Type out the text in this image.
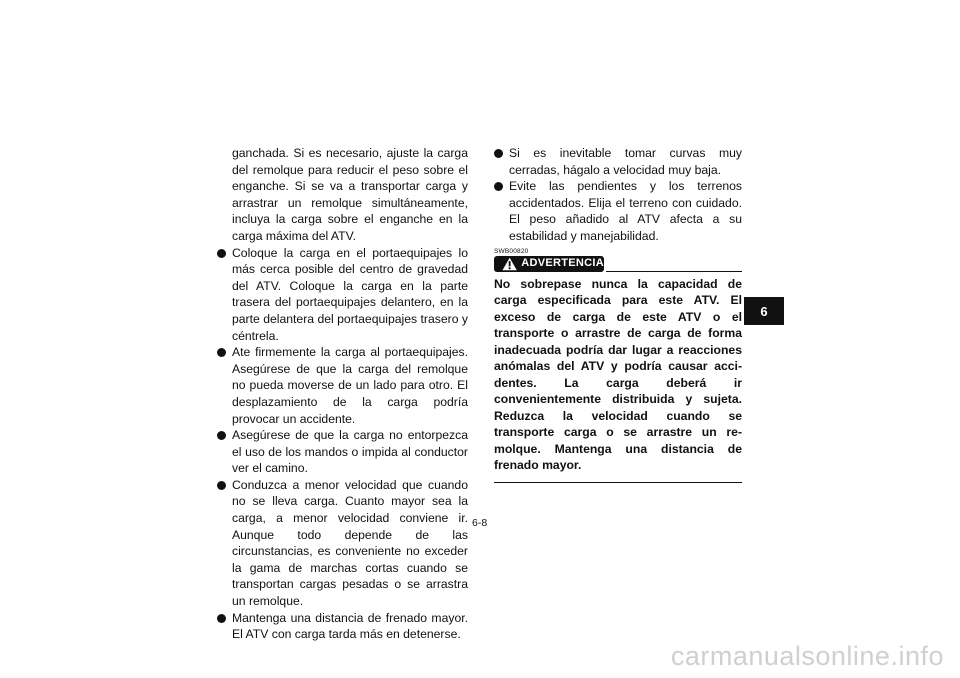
ganchada. Si es necesario, ajuste la carga del remolque para reducir el peso sobre el enganche. Si se va a transportar carga y arrastrar un remolque simultáneamente, incluya la carga sobre el enganche en la carga máxima del ATV.

Coloque la carga en el portaequipajes lo más cerca posible del centro de gravedad del ATV. Coloque la carga en la parte trasera del portaequipajes delantero, en la parte delantera del portaequipajes trasero y céntrela.
Ate firmemente la carga al portaequipajes. Asegúrese de que la carga del remolque no pueda moverse de un lado para otro. El desplazamiento de la carga podría provocar un accidente.
Asegúrese de que la carga no entorpezca el uso de los mandos o impida al conductor ver el camino.
Conduzca a menor velocidad que cuando no se lleva carga. Cuanto mayor sea la carga, a menor velocidad conviene ir. Aunque todo depende de las circunstancias, es conveniente no exceder la gama de marchas cortas cuando se transportan cargas pesadas o se arrastra un remolque.
Mantenga una distancia de frenado mayor. El ATV con carga tarda más en detenerse.
Si es inevitable tomar curvas muy cerradas, hágalo a velocidad muy baja.
Evite las pendientes y los terrenos accidentados. Elija el terreno con cuidado. El peso añadido al ATV afecta a su estabilidad y manejabilidad.
SWB00820
ADVERTENCIA
No sobrepase nunca la capacidad de carga especificada para este ATV. El exceso de carga de este ATV o el transporte o arrastre de carga de forma inadecuada podría dar lugar a reacciones anómalas del ATV y podría causar accidentes. La carga deberá ir convenientemente distribuida y sujeta. Reduzca la velocidad cuando se transporte carga o se arrastre un remolque. Mantenga una distancia de frenado mayor.
6-8
6
carmanualsonline.info
